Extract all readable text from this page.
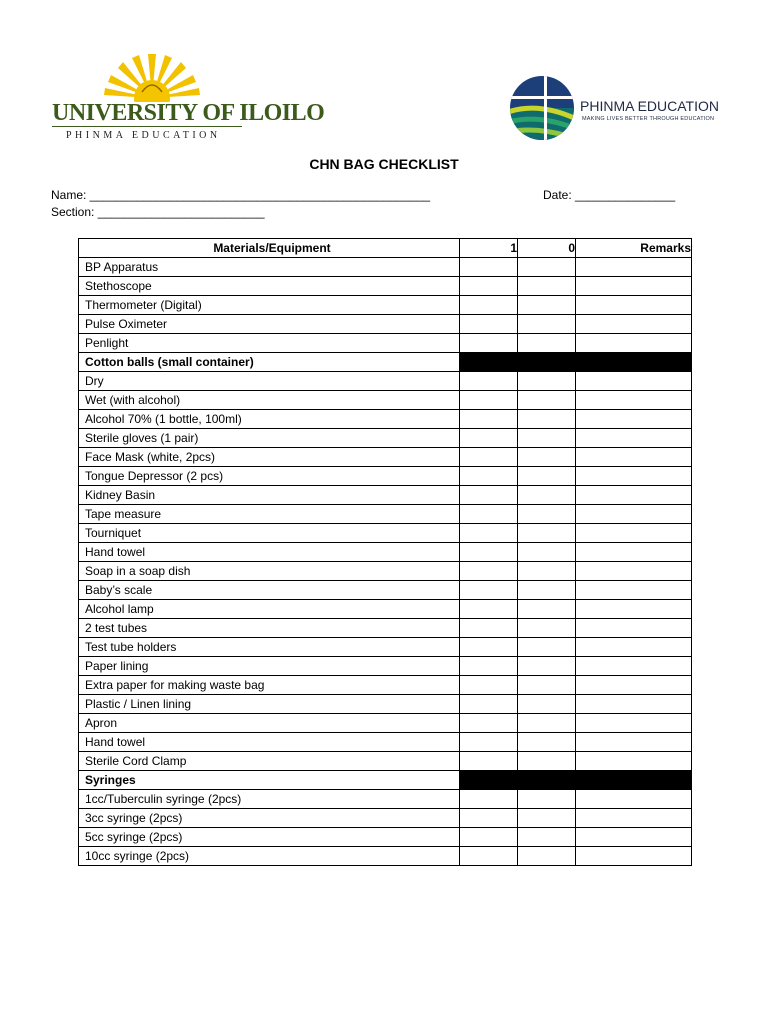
UNIVERSITY OF ILOILO
PHINMA EDUCATION
PHINMA EDUCATION
MAKING LIVES BETTER THROUGH EDUCATION
CHN BAG CHECKLIST
Name: ___________________________________________________	Date: _______________
Section: _________________________
Materials/Equipment	1	0	Remarks
BP Apparatus			
Stethoscope			
Thermometer (Digital)			
Pulse Oximeter			
Penlight			
Cotton balls (small container)			
Dry			
Wet (with alcohol)			
Alcohol 70% (1 bottle, 100ml)			
Sterile gloves (1 pair)			
Face Mask (white, 2pcs)			
Tongue Depressor (2 pcs)			
Kidney Basin			
Tape measure			
Tourniquet			
Hand towel			
Soap in a soap dish			
Baby’s scale			
Alcohol lamp			
2 test tubes			
Test tube holders			
Paper lining			
Extra paper for making waste bag			
Plastic / Linen lining			
Apron			
Hand towel			
Sterile Cord Clamp			
Syringes			
1cc/Tuberculin syringe (2pcs)			
3cc syringe (2pcs)			
5cc syringe (2pcs)			
10cc syringe (2pcs)			
